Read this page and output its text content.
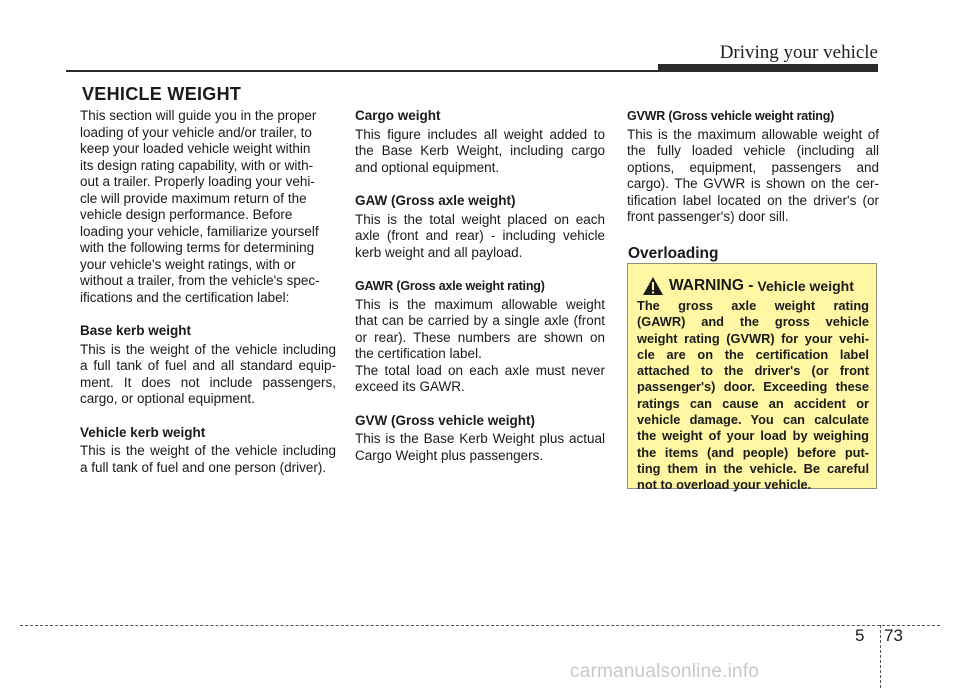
Driving your vehicle
VEHICLE WEIGHT
This section will guide you in the proper
loading of your vehicle and/or trailer, to
keep your loaded vehicle weight within
its design rating capability, with or with-
out a trailer. Properly loading your vehi-
cle will provide maximum return of the
vehicle design performance. Before
loading your vehicle, familiarize yourself
with the following terms for determining
your vehicle's weight ratings, with or
without a trailer, from the vehicle's spec-
ifications and the certification label:
Base kerb weight
This is the weight of the vehicle including
a full tank of fuel and all standard equip-
ment. It does not include passengers,
cargo, or optional equipment.
Vehicle kerb weight
This is the weight of the vehicle including
a full tank of fuel and one person (driver).
Cargo weight
This figure includes all weight added to
the Base Kerb Weight, including cargo
and optional equipment.
GAW (Gross axle weight)
This is the total weight placed on each
axle (front and rear) - including vehicle
kerb weight and all payload.
GAWR (Gross axle weight rating)
This is the maximum allowable weight
that can be carried by a single axle (front
or rear). These numbers are shown on
the certification label.
The total load on each axle must never
exceed its GAWR.
GVW (Gross vehicle weight)
This is the Base Kerb Weight plus actual
Cargo Weight plus passengers.
GVWR (Gross vehicle weight rating)
This is the maximum allowable weight of
the fully loaded vehicle (including all
options, equipment, passengers and
cargo). The GVWR is shown on the cer-
tification label located on the driver's (or
front passenger's) door sill.
Overloading
WARNING - Vehicle weight
The gross axle weight rating
(GAWR) and the gross vehicle
weight rating (GVWR) for your vehi-
cle are on the certification label
attached to the driver's (or front
passenger's) door. Exceeding these
ratings can cause an accident or
vehicle damage. You can calculate
the weight of your load by weighing
the items (and people) before put-
ting them in the vehicle. Be careful
not to overload your vehicle.
5 73
carmanualsonline.info
